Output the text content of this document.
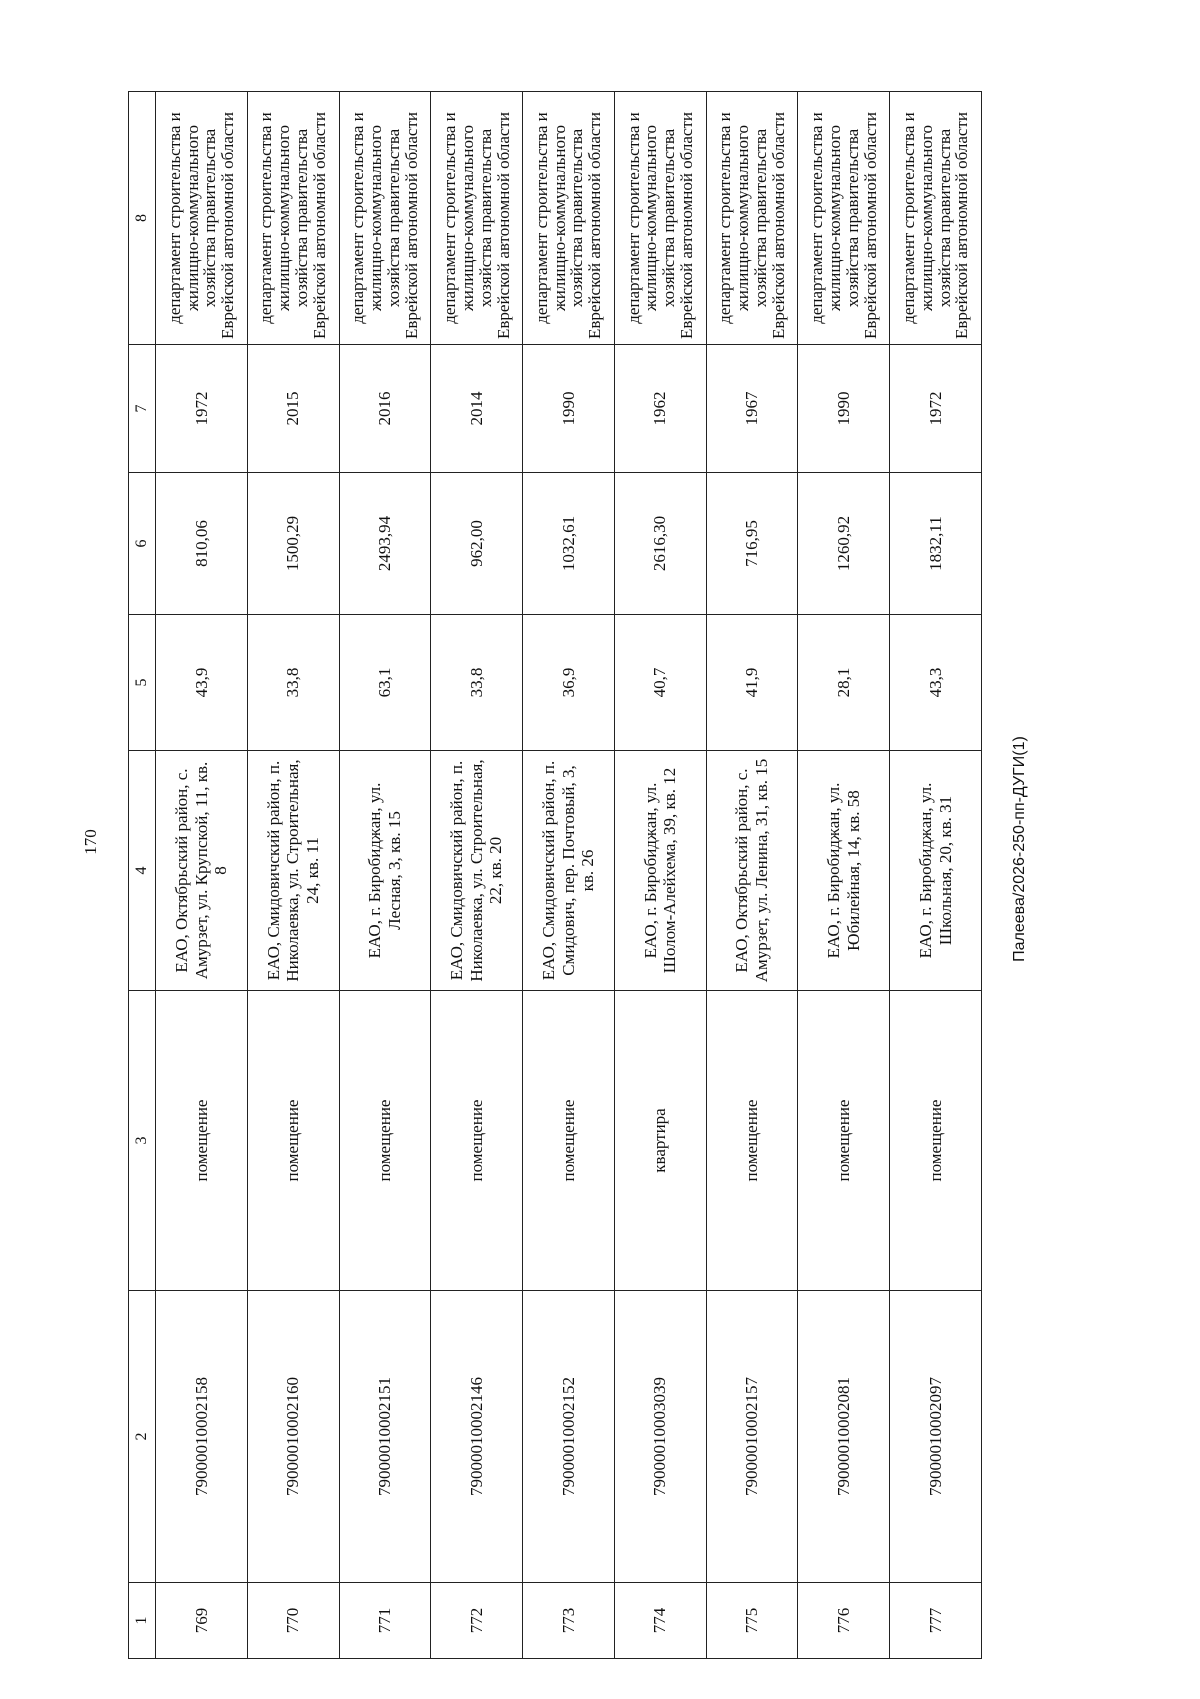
170
1	2	3	4	5	6	7	8
769	79000010002158	помещение	ЕАО, Октябрьский район, с. Амурзет, ул. Крупской, 11, кв. 8	43,9	810,06	1972	департамент строительства и жилищно-коммунального хозяйства правительства Еврейской автономной области
770	79000010002160	помещение	ЕАО, Смидовичский район, п. Николаевка, ул. Строительная, 24, кв. 11	33,8	1500,29	2015	департамент строительства и жилищно-коммунального хозяйства правительства Еврейской автономной области
771	79000010002151	помещение	ЕАО, г. Биробиджан, ул. Лесная, 3, кв. 15	63,1	2493,94	2016	департамент строительства и жилищно-коммунального хозяйства правительства Еврейской автономной области
772	79000010002146	помещение	ЕАО, Смидовичский район, п. Николаевка, ул. Строительная, 22, кв. 20	33,8	962,00	2014	департамент строительства и жилищно-коммунального хозяйства правительства Еврейской автономной области
773	79000010002152	помещение	ЕАО, Смидовичский район, п. Смидович, пер. Почтовый, 3, кв. 26	36,9	1032,61	1990	департамент строительства и жилищно-коммунального хозяйства правительства Еврейской автономной области
774	79000010003039	квартира	ЕАО, г. Биробиджан, ул. Шолом-Алейхема, 39, кв. 12	40,7	2616,30	1962	департамент строительства и жилищно-коммунального хозяйства правительства Еврейской автономной области
775	79000010002157	помещение	ЕАО, Октябрьский район, с. Амурзет, ул. Ленина, 31, кв. 15	41,9	716,95	1967	департамент строительства и жилищно-коммунального хозяйства правительства Еврейской автономной области
776	79000010002081	помещение	ЕАО, г. Биробиджан, ул. Юбилейная, 14, кв. 58	28,1	1260,92	1990	департамент строительства и жилищно-коммунального хозяйства правительства Еврейской автономной области
777	79000010002097	помещение	ЕАО, г. Биробиджан, ул. Школьная, 20, кв. 31	43,3	1832,11	1972	департамент строительства и жилищно-коммунального хозяйства правительства Еврейской автономной области
Палеева/2026-250-пп-ДУГИ(1)
